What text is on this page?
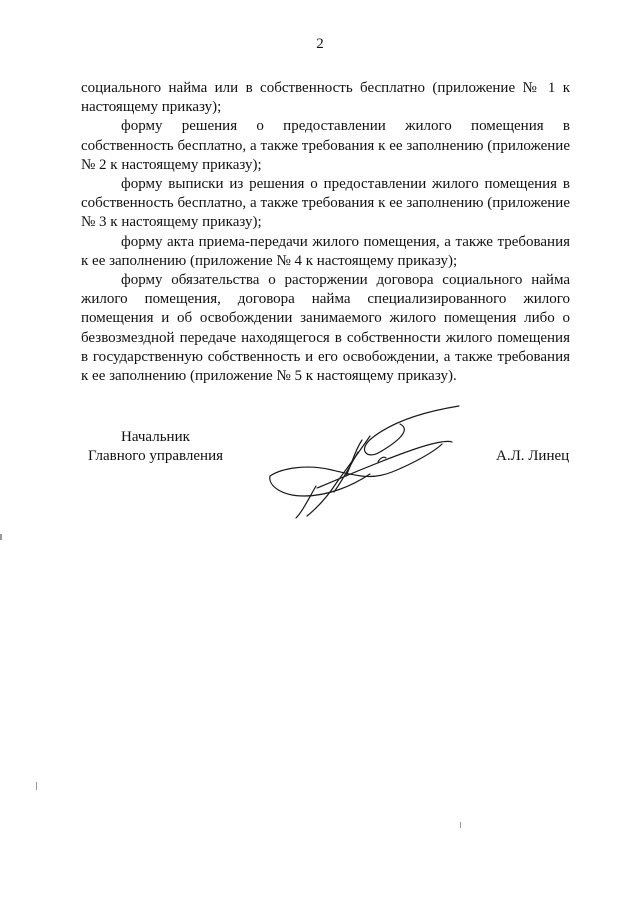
2

социального найма или в собственность бесплатно (приложение № 1 к настоящему приказу);

форму решения о предоставлении жилого помещения в собственность бесплатно, а также требования к ее заполнению (приложение № 2 к настоящему приказу);

форму выписки из решения о предоставлении жилого помещения в собственность бесплатно, а также требования к ее заполнению (приложение № 3 к настоящему приказу);

форму акта приема-передачи жилого помещения, а также требования к ее заполнению (приложение № 4 к настоящему приказу);

форму обязательства о расторжении договора социального найма жилого помещения, договора найма специализированного жилого помещения и об освобождении занимаемого жилого помещения либо о безвозмездной передаче находящегося в собственности жилого помещения в государственную собственность и его освобождении, а также требования к ее заполнению (приложение № 5 к настоящему приказу).

Начальник
Главного управления	А.Л. Линец
